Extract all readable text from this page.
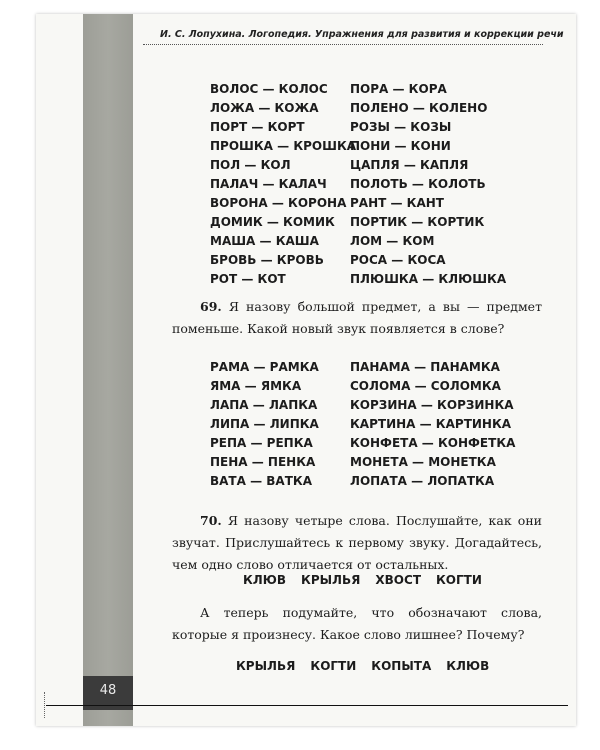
И. С. Лопухина. Логопедия. Упражнения для развития и коррекции речи
ВОЛОС — КОЛОС
ЛОЖА — КОЖА
ПОРТ — КОРТ
ПРОШКА — КРОШКА
ПОЛ — КОЛ
ПАЛАЧ — КАЛАЧ
ВОРОНА — КОРОНА
ДОМИК — КОМИК
МАША — КАША
БРОВЬ — КРОВЬ
РОТ — КОТ
ПОРА — КОРА
ПОЛЕНО — КОЛЕНО
РОЗЫ — КОЗЫ
ПОНИ — КОНИ
ЦАПЛЯ — КАПЛЯ
ПОЛОТЬ — КОЛОТЬ
РАНТ — КАНТ
ПОРТИК — КОРТИК
ЛОМ — КОМ
РОСА — КОСА
ПЛЮШКА — КЛЮШКА

69. Я назову большой предмет, а вы — предмет поменьше. Какой новый звук появляется в слове?

РАМА — РАМКА
ЯМА — ЯМКА
ЛАПА — ЛАПКА
ЛИПА — ЛИПКА
РЕПА — РЕПКА
ПЕНА — ПЕНКА
ВАТА — ВАТКА
ПАНАМА — ПАНАМКА
СОЛОМА — СОЛОМКА
КОРЗИНА — КОРЗИНКА
КАРТИНА — КАРТИНКА
КОНФЕТА — КОНФЕТКА
МОНЕТА — МОНЕТКА
ЛОПАТА — ЛОПАТКА

70. Я назову четыре слова. Послушайте, как они звучат. Прислушайтесь к первому звуку. Догадайтесь, чем одно слово отличается от остальных.

КЛЮВ КРЫЛЬЯ ХВОСТ КОГТИ

А теперь подумайте, что обозначают слова, которые я произнесу. Какое слово лишнее? Почему?

КРЫЛЬЯ КОГТИ КОПЫТА КЛЮВ
48
